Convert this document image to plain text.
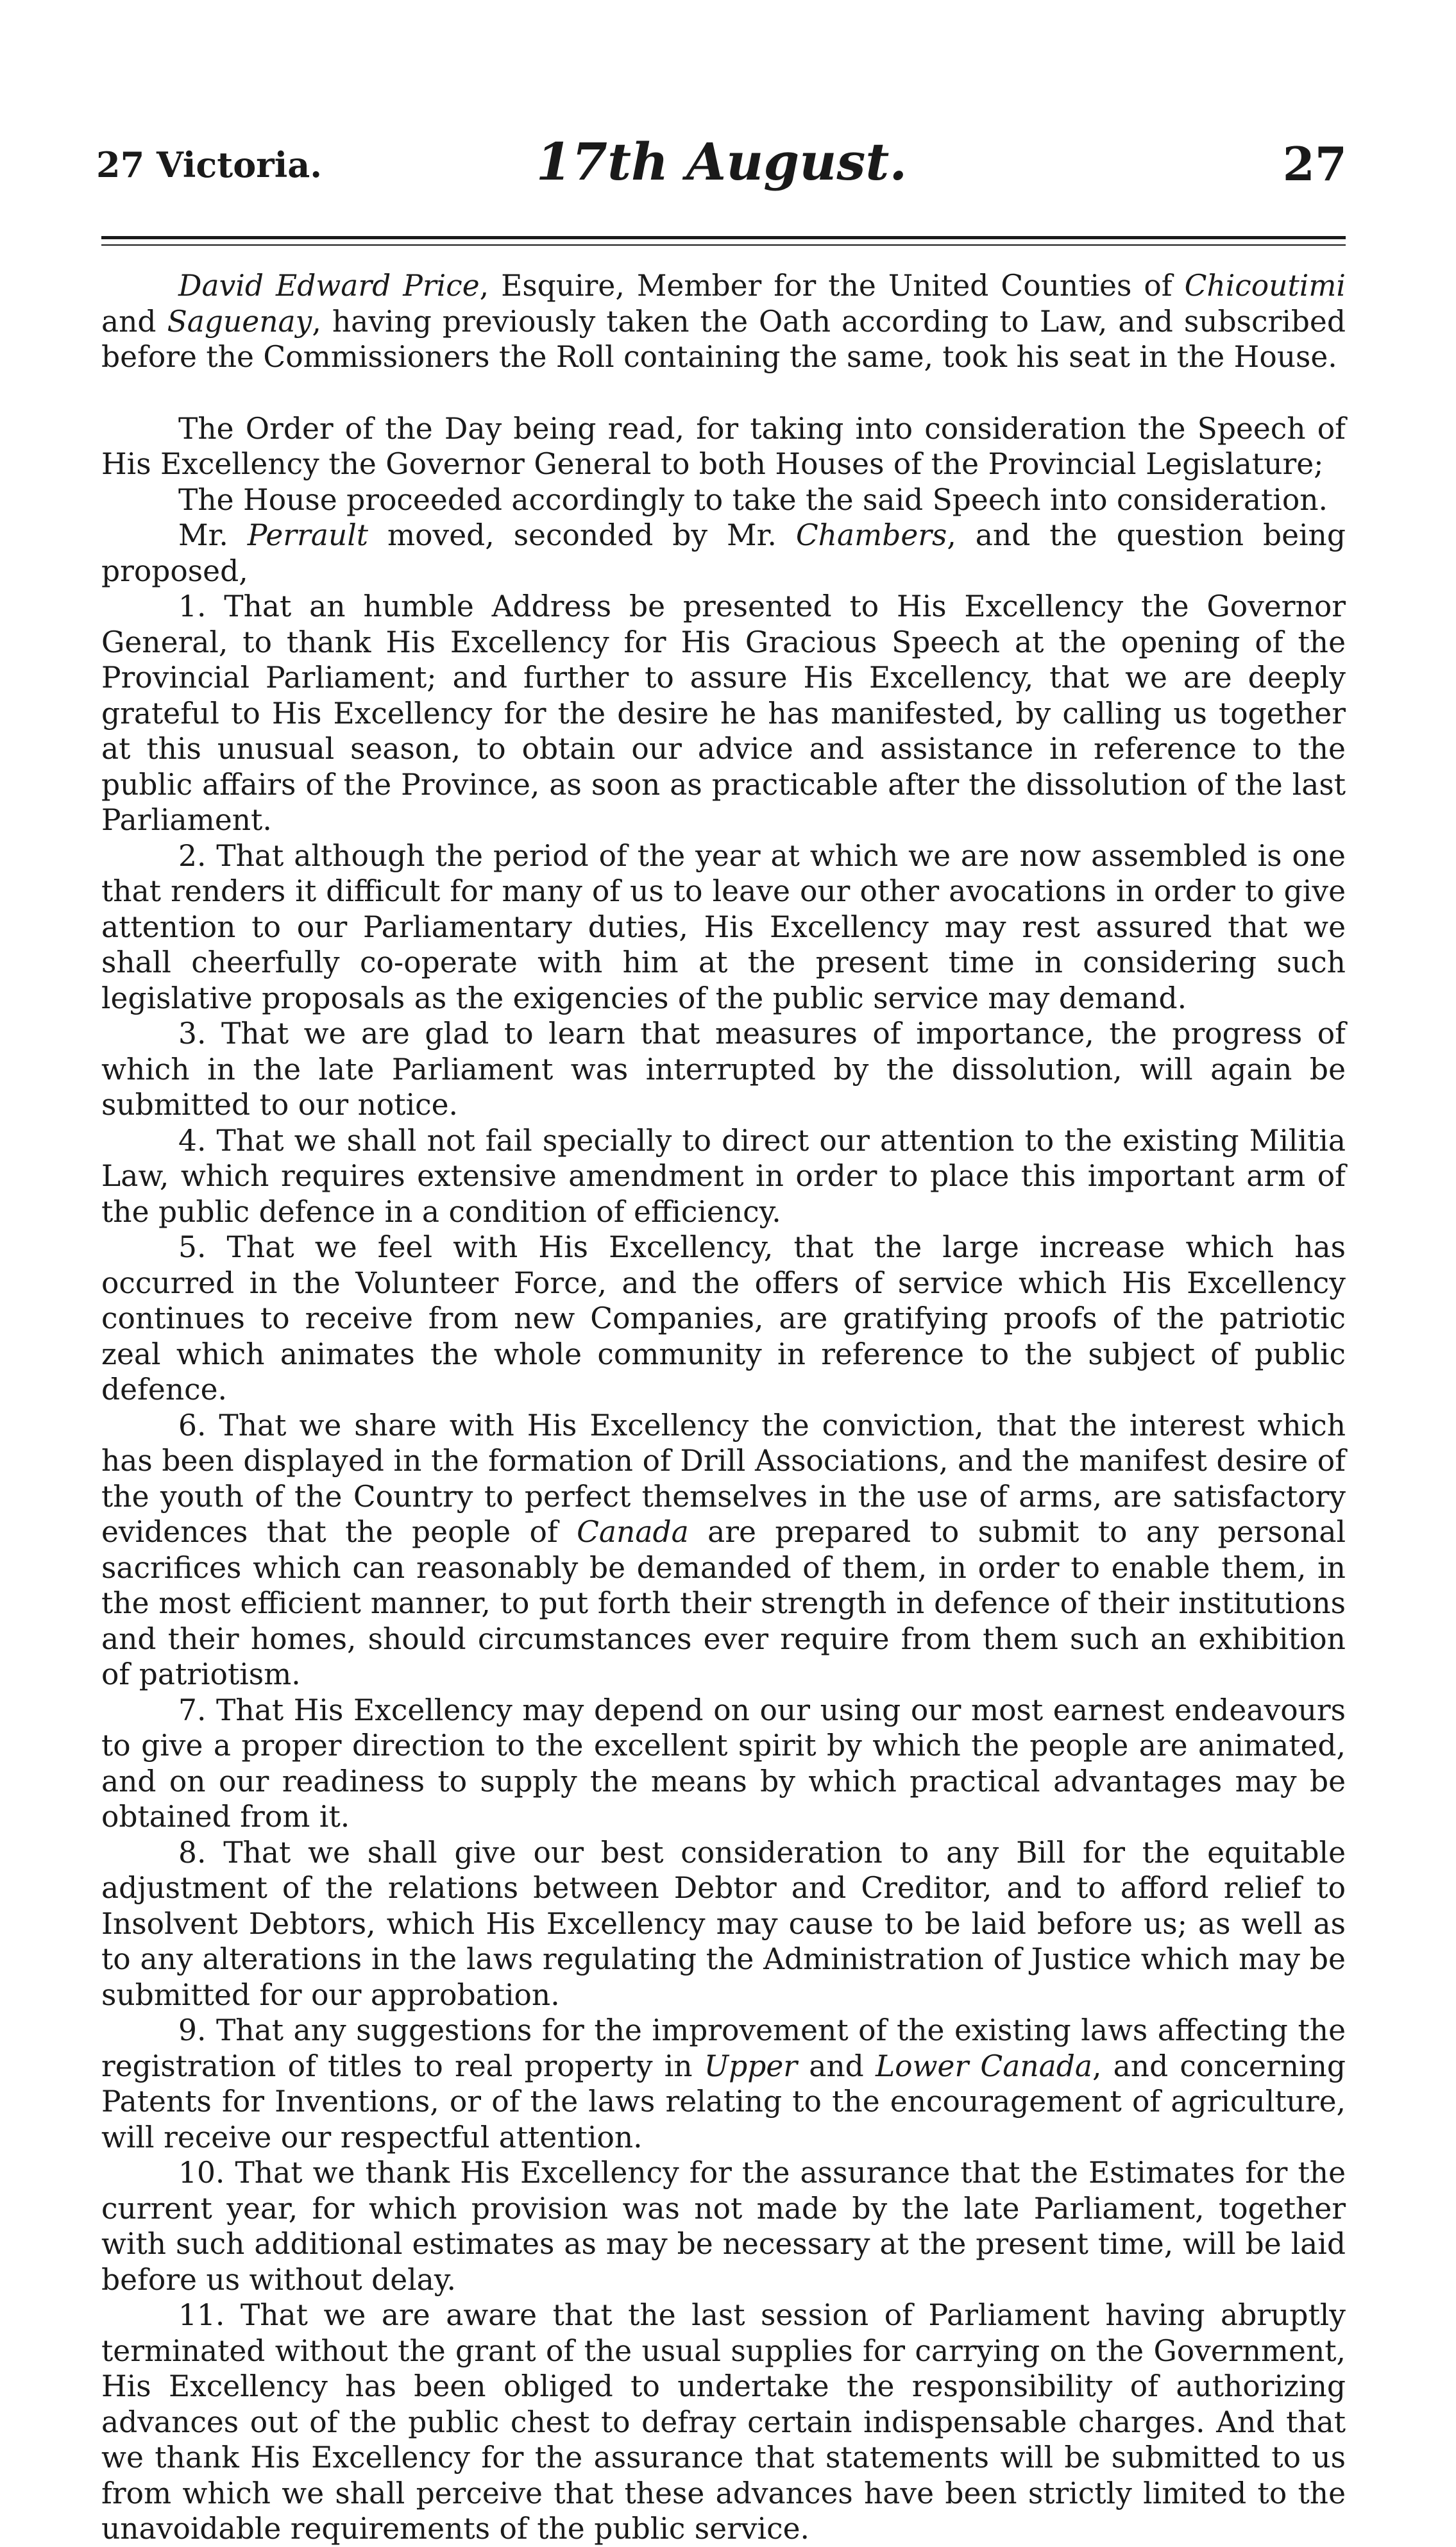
27 Victoria.	17th August.	27

David Edward Price, Esquire, Member for the United Counties of Chicoutimi and Saguenay, having previously taken the Oath according to Law, and subscribed before the Commissioners the Roll containing the same, took his seat in the House.

The Order of the Day being read, for taking into consideration the Speech of His Excellency the Governor General to both Houses of the Provincial Legislature;

The House proceeded accordingly to take the said Speech into consideration.

Mr. Perrault moved, seconded by Mr. Chambers, and the question being proposed,

1. That an humble Address be presented to His Excellency the Governor General, to thank His Excellency for His Gracious Speech at the opening of the Provincial Parliament; and further to assure His Excellency, that we are deeply grateful to His Excellency for the desire he has manifested, by calling us together at this unusual season, to obtain our advice and assistance in reference to the public affairs of the Province, as soon as practicable after the dissolution of the last Parliament.

2. That although the period of the year at which we are now assembled is one that renders it difficult for many of us to leave our other avocations in order to give attention to our Parliamentary duties, His Excellency may rest assured that we shall cheerfully co-operate with him at the present time in considering such legislative proposals as the exigencies of the public service may demand.

3. That we are glad to learn that measures of importance, the progress of which in the late Parliament was interrupted by the dissolution, will again be submitted to our notice.

4. That we shall not fail specially to direct our attention to the existing Militia Law, which requires extensive amendment in order to place this important arm of the public defence in a condition of efficiency.

5. That we feel with His Excellency, that the large increase which has occurred in the Volunteer Force, and the offers of service which His Excellency continues to receive from new Companies, are gratifying proofs of the patriotic zeal which animates the whole community in reference to the subject of public defence.

6. That we share with His Excellency the conviction, that the interest which has been displayed in the formation of Drill Associations, and the manifest desire of the youth of the Country to perfect themselves in the use of arms, are satisfactory evidences that the people of Canada are prepared to submit to any personal sacrifices which can reasonably be demanded of them, in order to enable them, in the most efficient manner, to put forth their strength in defence of their institutions and their homes, should circumstances ever require from them such an exhibition of patriotism.

7. That His Excellency may depend on our using our most earnest endeavours to give a proper direction to the excellent spirit by which the people are animated, and on our readiness to supply the means by which practical advantages may be obtained from it.

8. That we shall give our best consideration to any Bill for the equitable adjustment of the relations between Debtor and Creditor, and to afford relief to Insolvent Debtors, which His Excellency may cause to be laid before us; as well as to any alterations in the laws regulating the Administration of Justice which may be submitted for our approbation.

9. That any suggestions for the improvement of the existing laws affecting the registration of titles to real property in Upper and Lower Canada, and concerning Patents for Inventions, or of the laws relating to the encouragement of agriculture, will receive our respectful attention.

10. That we thank His Excellency for the assurance that the Estimates for the current year, for which provision was not made by the late Parliament, together with such additional estimates as may be necessary at the present time, will be laid before us without delay.

11. That we are aware that the last session of Parliament having abruptly terminated without the grant of the usual supplies for carrying on the Government, His Excellency has been obliged to undertake the responsibility of authorizing advances out of the public chest to defray certain indispensable charges. And that we thank His Excellency for the assurance that statements will be submitted to us from which we shall perceive that these advances have been strictly limited to the unavoidable requirements of the public service.
